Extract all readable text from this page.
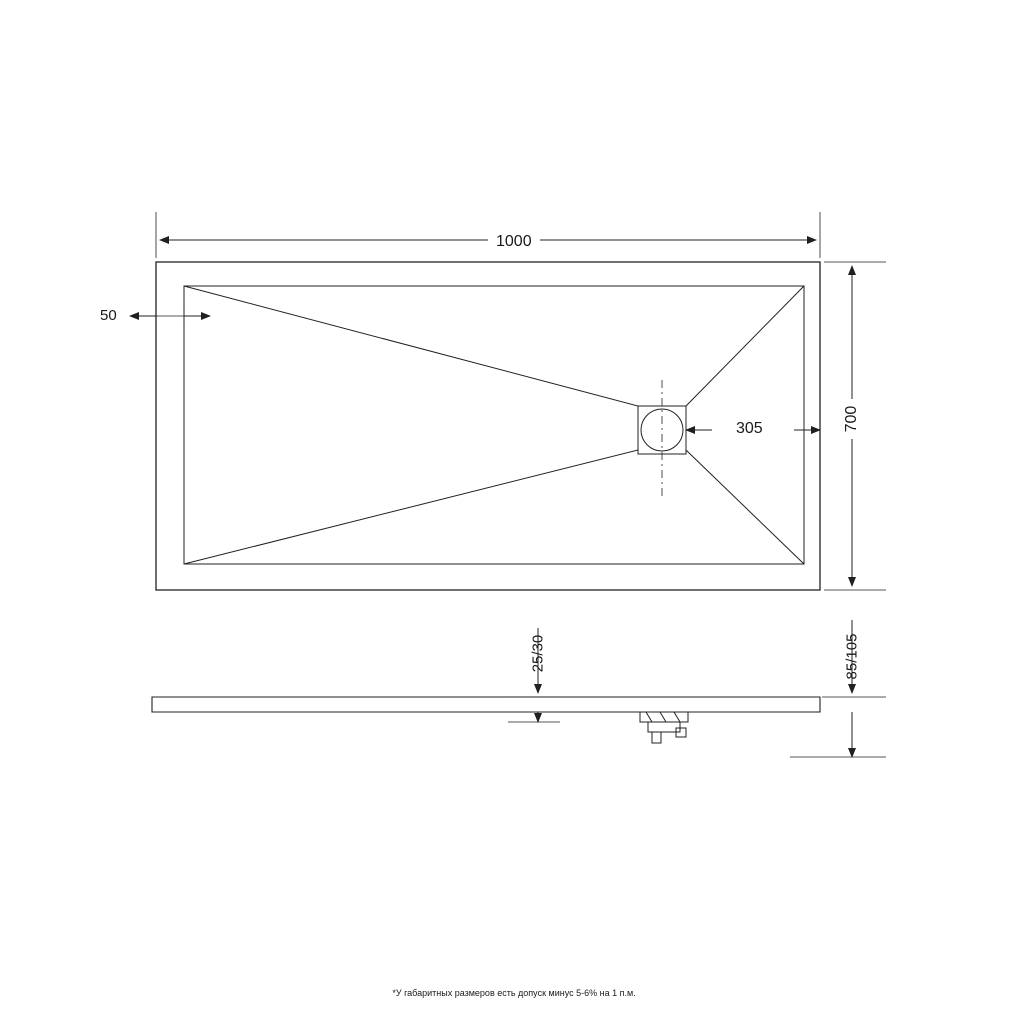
1000
50
305	700
25/30	85/105
*У габаритных размеров есть допуск минус 5-6% на 1 п.м.
